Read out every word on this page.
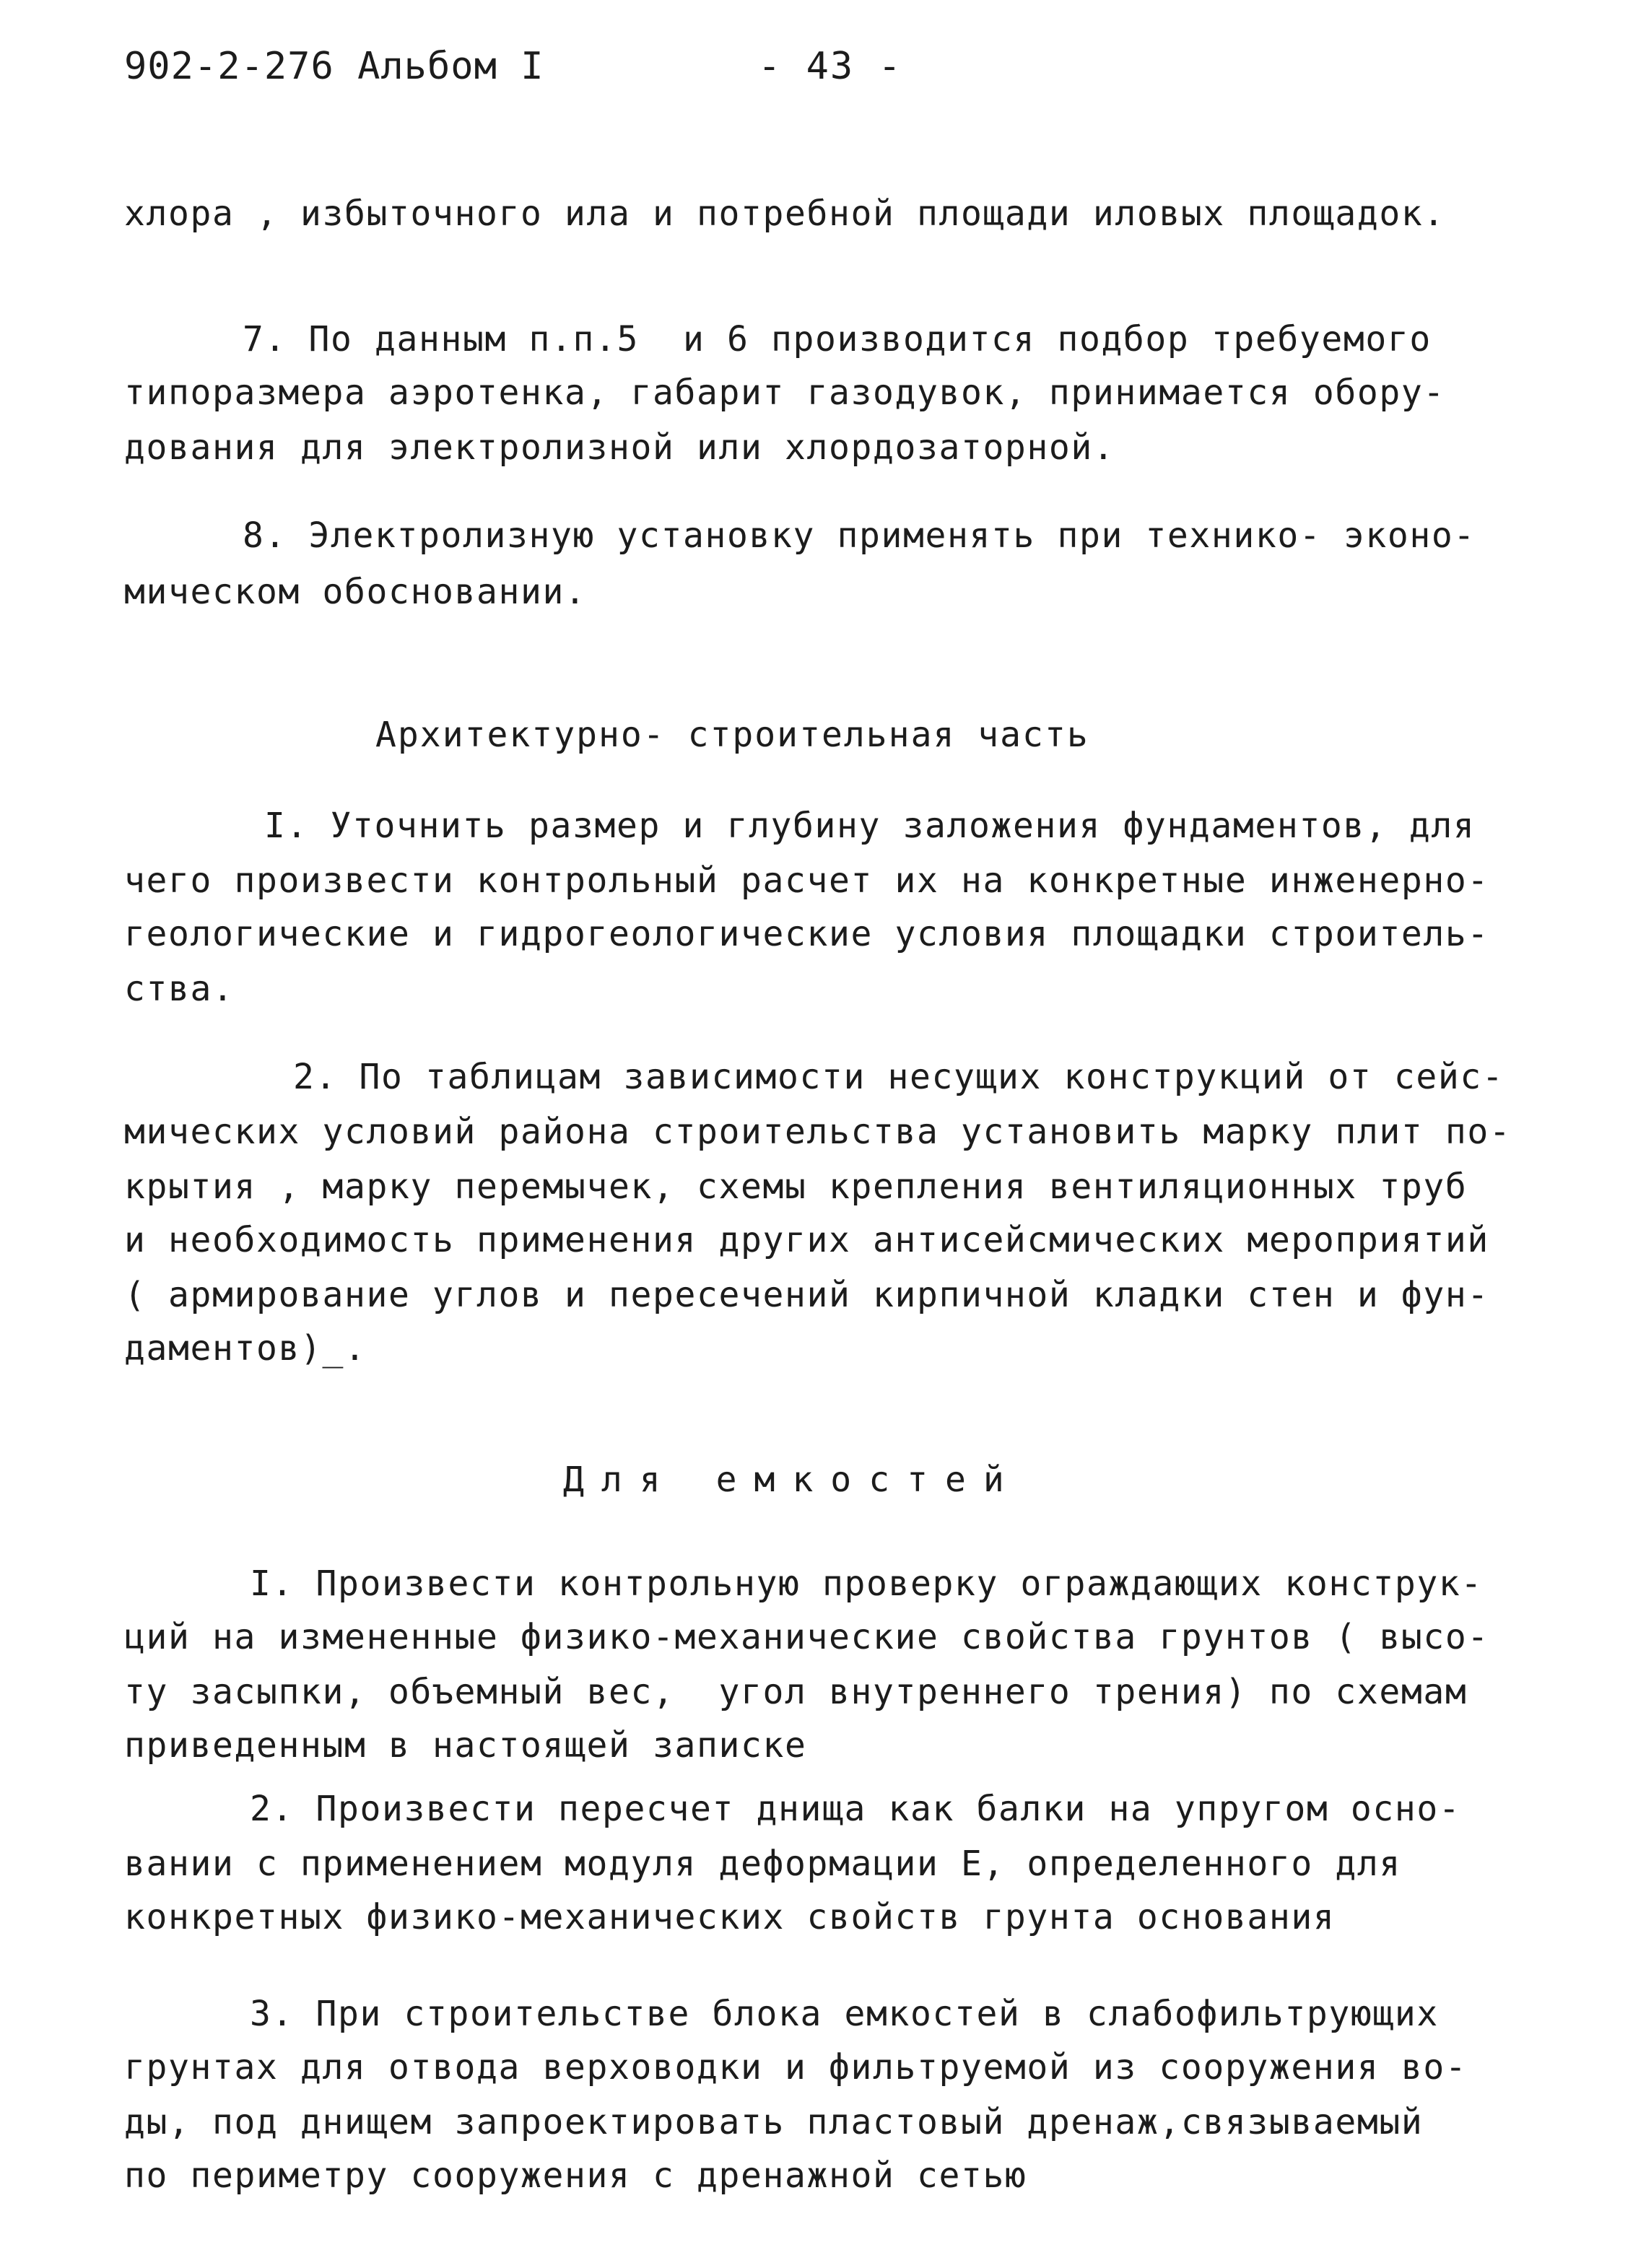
902-2-276 Альбом I	- 43 -
хлора , избыточного ила и потребной площади иловых площадок.
7. По данным п.п.5  и 6 производится подбор требуемого
типоразмера аэротенка, габарит газодувок, принимается обору-
дования для электролизной или хлордозаторной.
8. Электролизную установку применять при технико- эконо-
мическом обосновании.
Архитектурно- строительная часть
I. Уточнить размер и глубину заложения фундаментов, для
чего произвести контрольный расчет их на конкретные инженерно-
геологические и гидрогеологические условия площадки строитель-
ства.
2. По таблицам зависимости несущих конструкций от сейс-
мических условий района строительства установить марку плит по-
крытия , марку перемычек, схемы крепления вентиляционных труб
и необходимость применения других антисейсмических мероприятий
( армирование углов и пересечений кирпичной кладки стен и фун-
даментов)_.
Для емкостей
I. Произвести контрольную проверку ограждающих конструк-
ций на измененные физико-механические свойства грунтов ( высо-
ту засыпки, объемный вес,  угол внутреннего трения) по схемам
приведенным в настоящей записке
2. Произвести пересчет днища как балки на упругом осно-
вании с применением модуля деформации Е, определенного для
конкретных физико-механических свойств грунта основания
3. При строительстве блока емкостей в слабофильтрующих
грунтах для отвода верховодки и фильтруемой из сооружения во-
ды, под днищем запроектировать пластовый дренаж,связываемый
по периметру сооружения с дренажной сетью
